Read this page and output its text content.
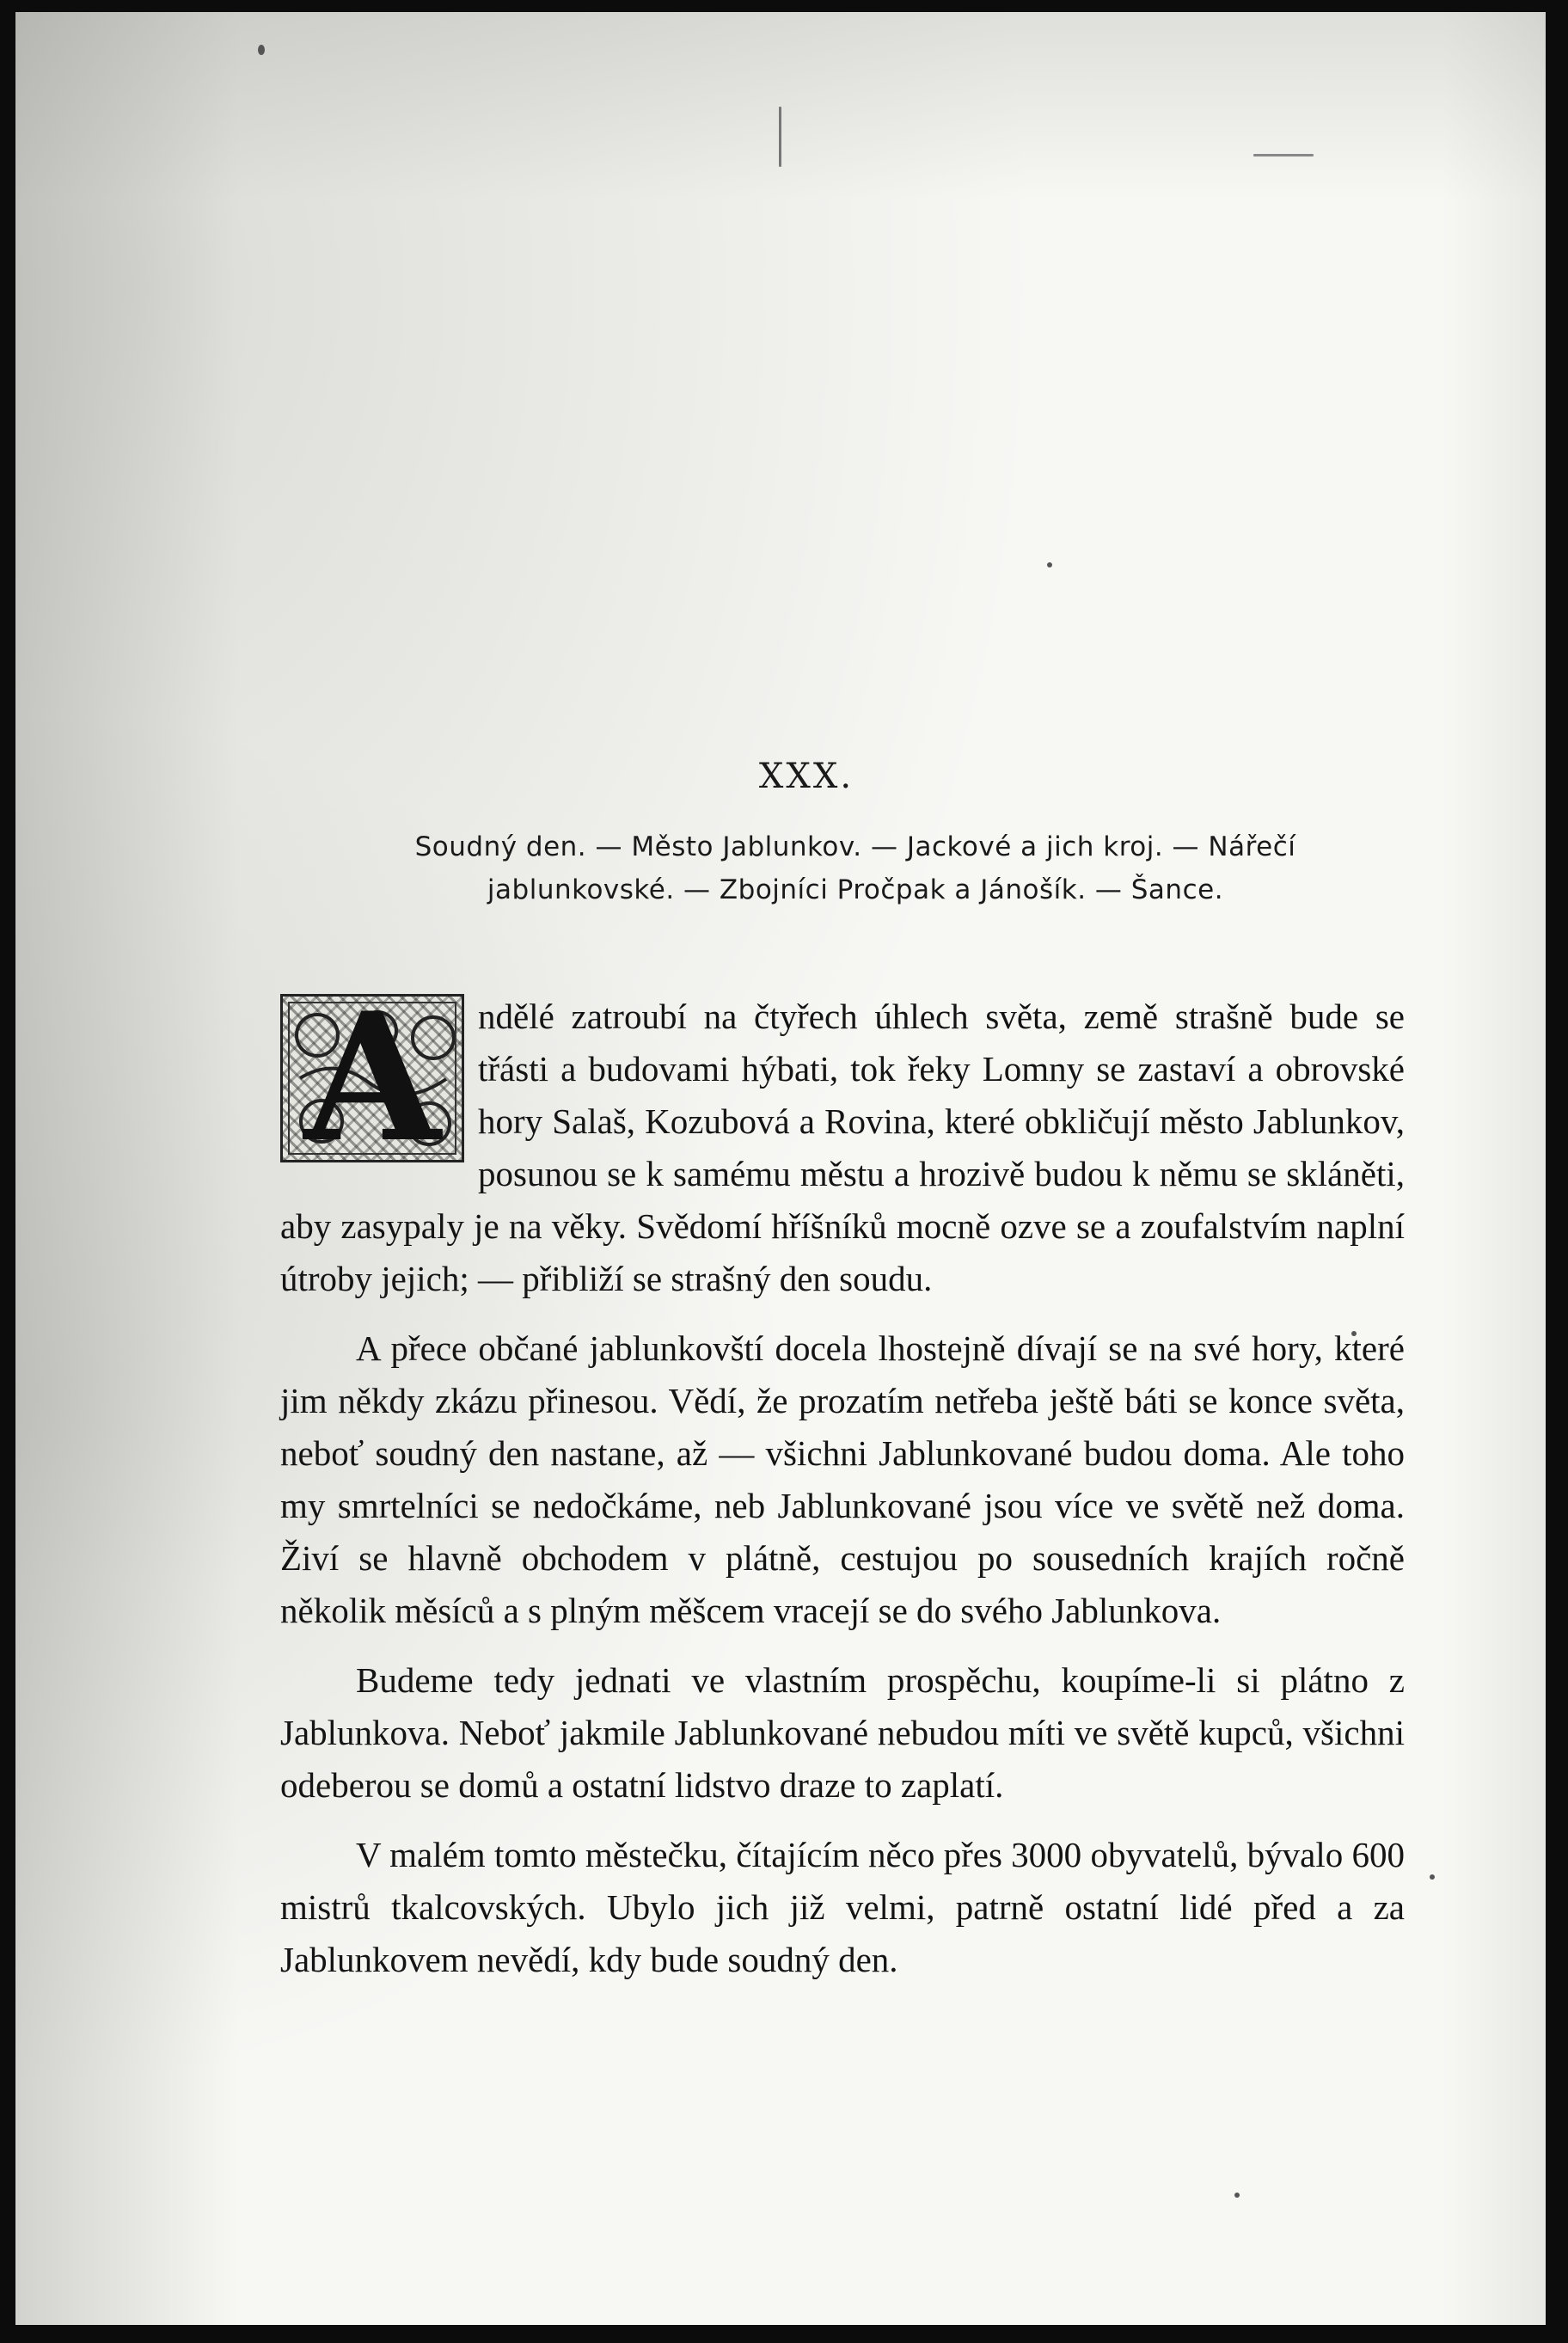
XXX.
Soudný den. — Město Jablunkov. — Jackové a jich kroj. — Nářečí
jablunkovské. — Zbojníci Pročpak a Jánošík. — Šance.

A	ndělé zatroubí na čtyřech úhlech světa, země strašně bude se třásti a budovami hýbati, tok řeky Lomny se zastaví a obrovské hory Salaš, Kozubová a Rovina, které obkličují město Jablunkov, posunou se k samému městu a hrozivě budou k němu se skláněti, aby zasypaly je na věky. Svědomí hříšníků mocně ozve se a zoufalstvím naplní útroby jejich; — přibliží se strašný den soudu.

A přece občané jablunkovští docela lhostejně dívají se na své hory, které jim někdy zkázu přinesou. Vědí, že prozatím netřeba ještě báti se konce světa, neboť soudný den nastane, až — všichni Jablunkované budou doma. Ale toho my smrtelníci se nedočkáme, neb Jablunkované jsou více ve světě než doma. Živí se hlavně obchodem v plátně, cestujou po sousedních krajích ročně několik měsíců a s plným měšcem vracejí se do svého Jablunkova.

Budeme tedy jednati ve vlastním prospěchu, koupíme-li si plátno z Jablunkova. Neboť jakmile Jablunkované nebudou míti ve světě kupců, všichni odeberou se domů a ostatní lidstvo draze to zaplatí.

V malém tomto městečku, čítajícím něco přes 3000 obyvatelů, bývalo 600 mistrů tkalcovských. Ubylo jich již velmi, patrně ostatní lidé před a za Jablunkovem nevědí, kdy bude soudný den.
